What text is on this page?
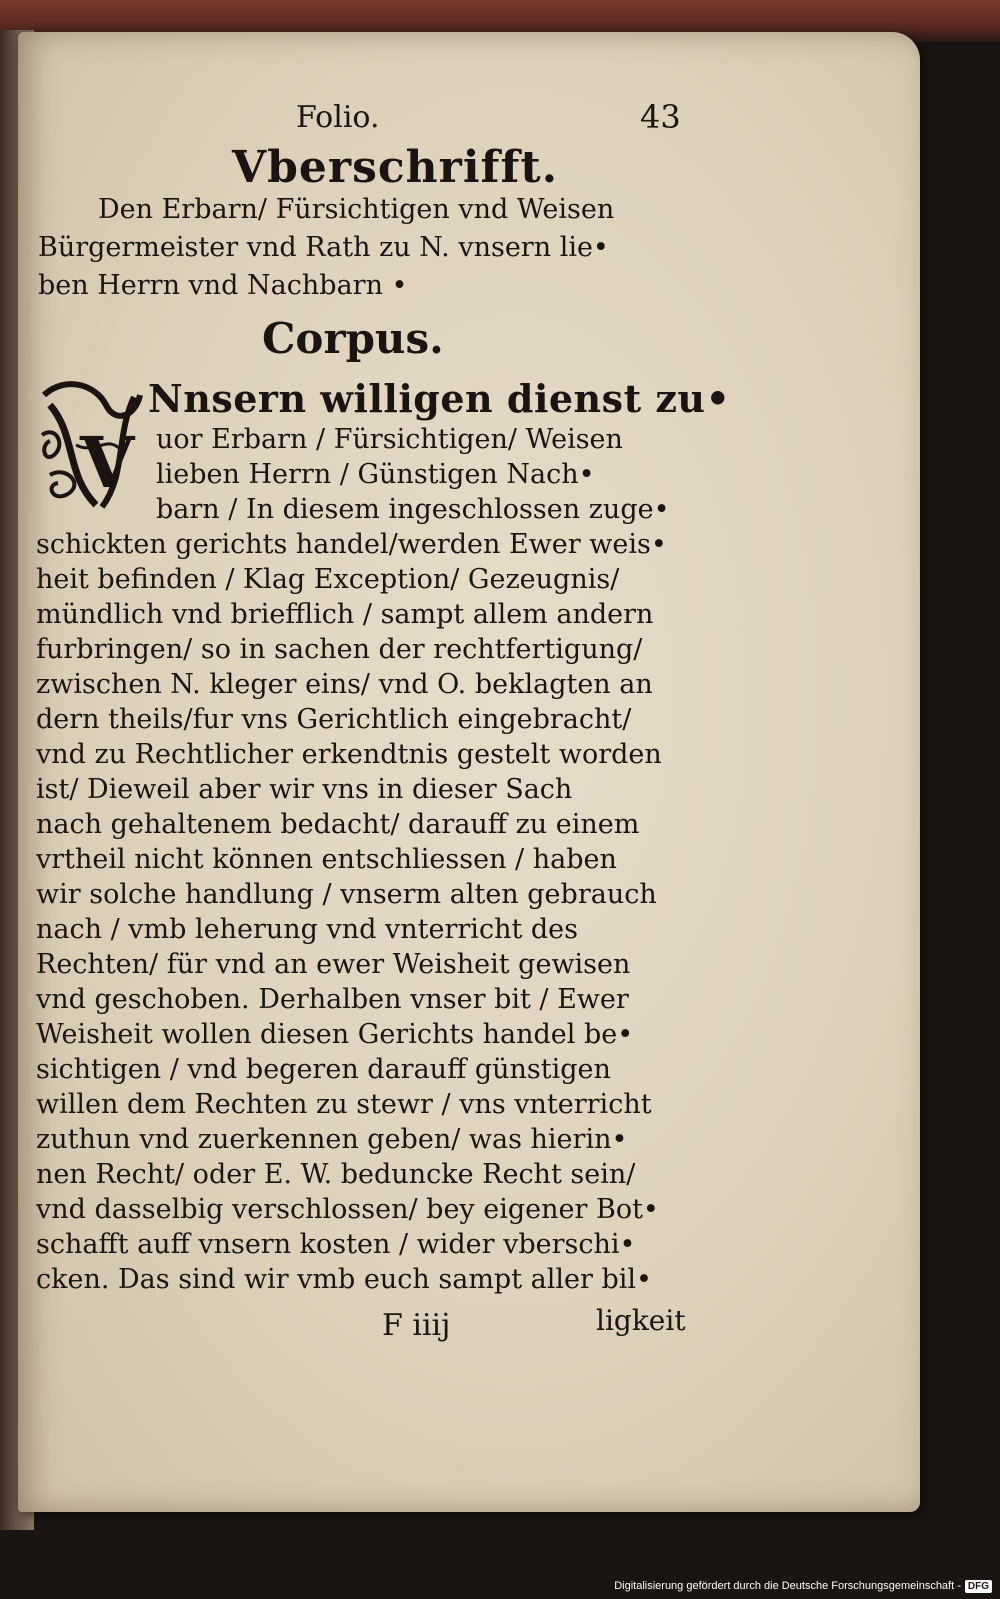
Folio.	43
Vberschrifft.
Den Erbarn/ Fürsichtigen vnd Weisen
Bürgermeister vnd Rath zu N. vnsern lie•
ben Herrn vnd Nachbarn •
Corpus.
V
Nnsern willigen dienst zu•
uor Erbarn / Fürsichtigen/ Weisen
lieben Herrn / Günstigen Nach•
barn / In diesem ingeschlossen zuge•
schickten gerichts handel/werden Ewer weis•
heit befinden / Klag Exception/ Gezeugnis/
mündlich vnd briefflich / sampt allem andern
furbringen/ so in sachen der rechtfertigung/
zwischen N. kleger eins/ vnd O. beklagten an
dern theils/fur vns Gerichtlich eingebracht/
vnd zu Rechtlicher erkendtnis gestelt worden
ist/ Dieweil aber wir vns in dieser Sach
nach gehaltenem bedacht/ darauff zu einem
vrtheil nicht können entschliessen / haben
wir solche handlung / vnserm alten gebrauch
nach / vmb leherung vnd vnterricht des
Rechten/ für vnd an ewer Weisheit gewisen
vnd geschoben. Derhalben vnser bit / Ewer
Weisheit wollen diesen Gerichts handel be•
sichtigen / vnd begeren darauff günstigen
willen dem Rechten zu stewr / vns vnterricht
zuthun vnd zuerkennen geben/ was hierin•
nen Recht/ oder E. W. beduncke Recht sein/
vnd dasselbig verschlossen/ bey eigener Bot•
schafft auff vnsern kosten / wider vberschi•
cken. Das sind wir vmb euch sampt aller bil•
F iiij	ligkeit
Digitalisierung gefördert durch die Deutsche Forschungsgemeinschaft - DFG
